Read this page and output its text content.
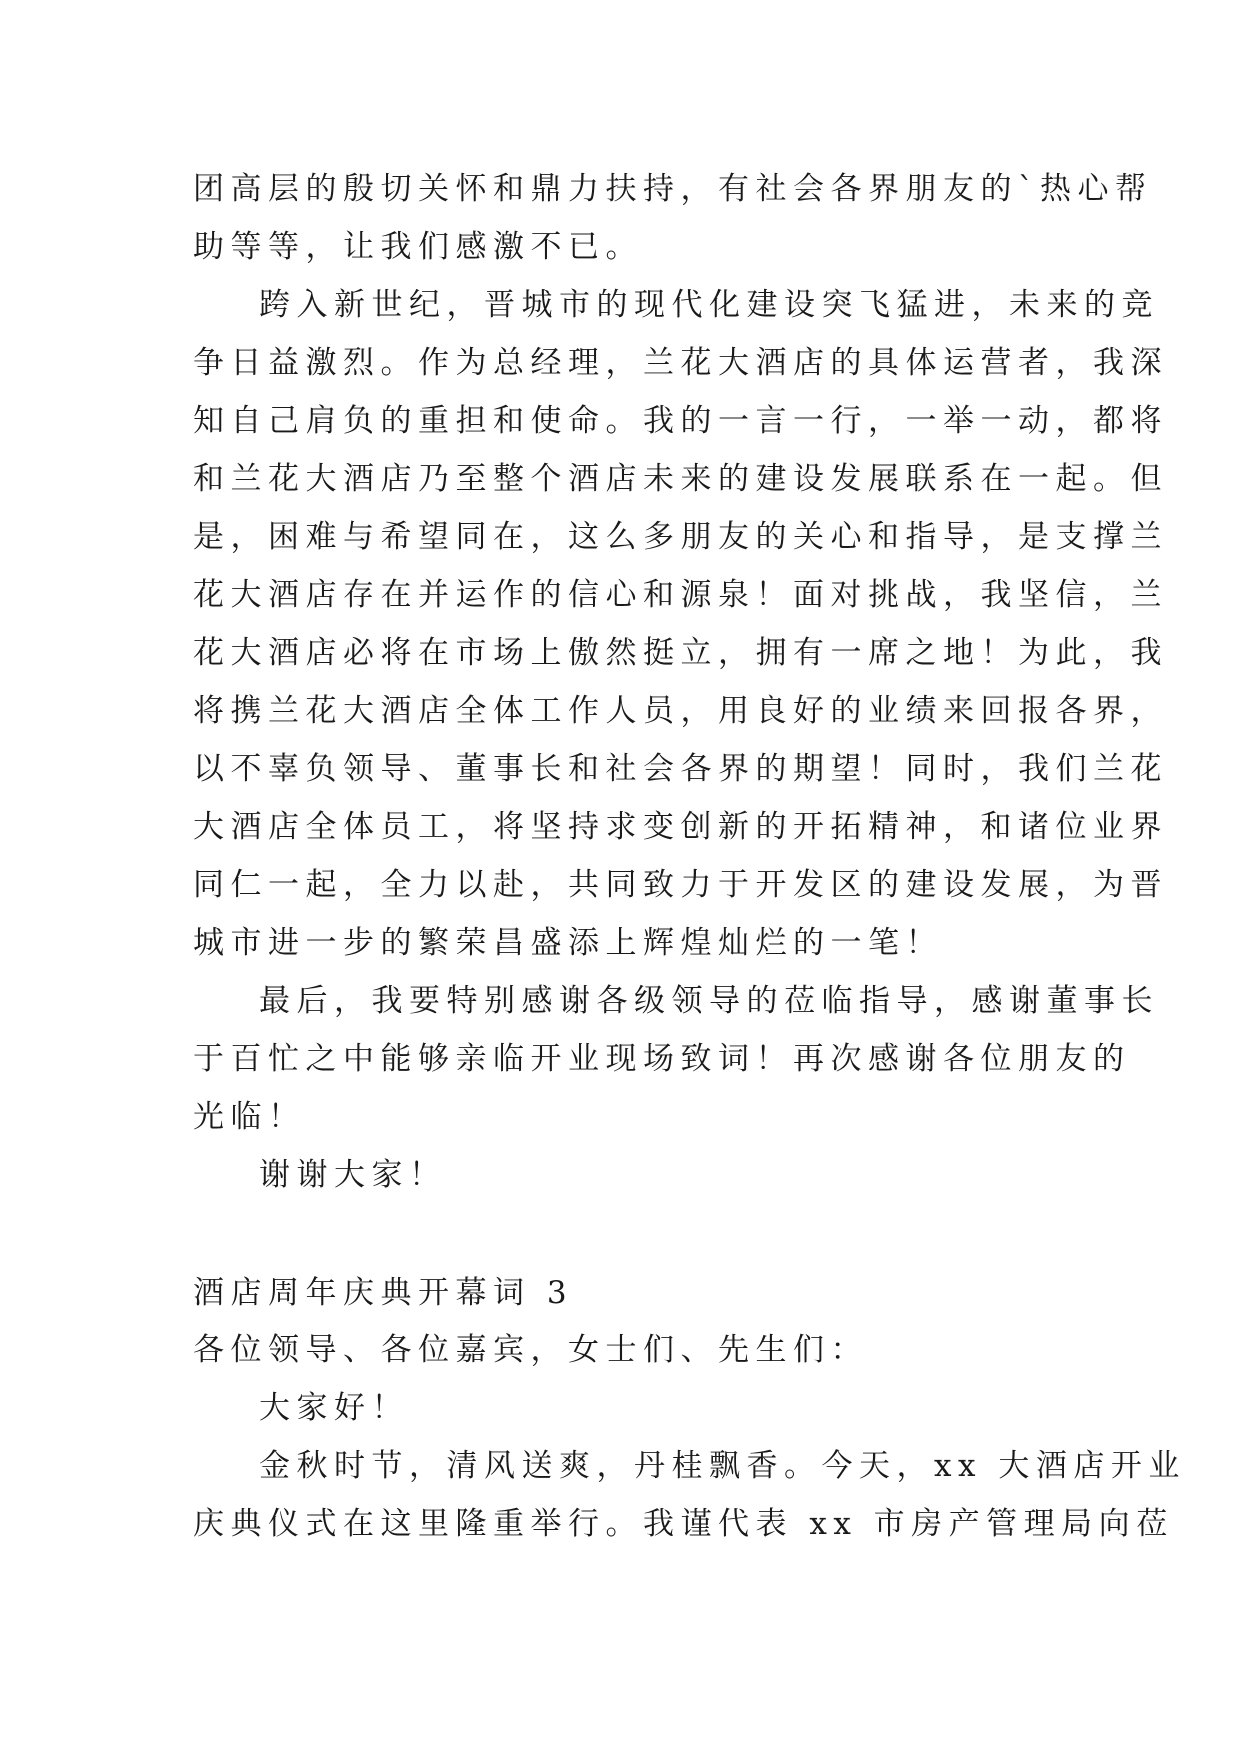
团高层的殷切关怀和鼎力扶持，有社会各界朋友的`热心帮
助等等，让我们感激不已。
跨入新世纪，晋城市的现代化建设突飞猛进，未来的竞
争日益激烈。作为总经理，兰花大酒店的具体运营者，我深
知自己肩负的重担和使命。我的一言一行，一举一动，都将
和兰花大酒店乃至整个酒店未来的建设发展联系在一起。但
是，困难与希望同在，这么多朋友的关心和指导，是支撑兰
花大酒店存在并运作的信心和源泉！面对挑战，我坚信，兰
花大酒店必将在市场上傲然挺立，拥有一席之地！为此，我
将携兰花大酒店全体工作人员，用良好的业绩来回报各界，
以不辜负领导、董事长和社会各界的期望！同时，我们兰花
大酒店全体员工，将坚持求变创新的开拓精神，和诸位业界
同仁一起，全力以赴，共同致力于开发区的建设发展，为晋
城市进一步的繁荣昌盛添上辉煌灿烂的一笔！
最后，我要特别感谢各级领导的莅临指导，感谢董事长
于百忙之中能够亲临开业现场致词！再次感谢各位朋友的
光临！
谢谢大家！
酒店周年庆典开幕词 3
各位领导、各位嘉宾，女士们、先生们：
大家好！
金秋时节，清风送爽，丹桂飘香。今天，xx 大酒店开业
庆典仪式在这里隆重举行。我谨代表 xx 市房产管理局向莅
